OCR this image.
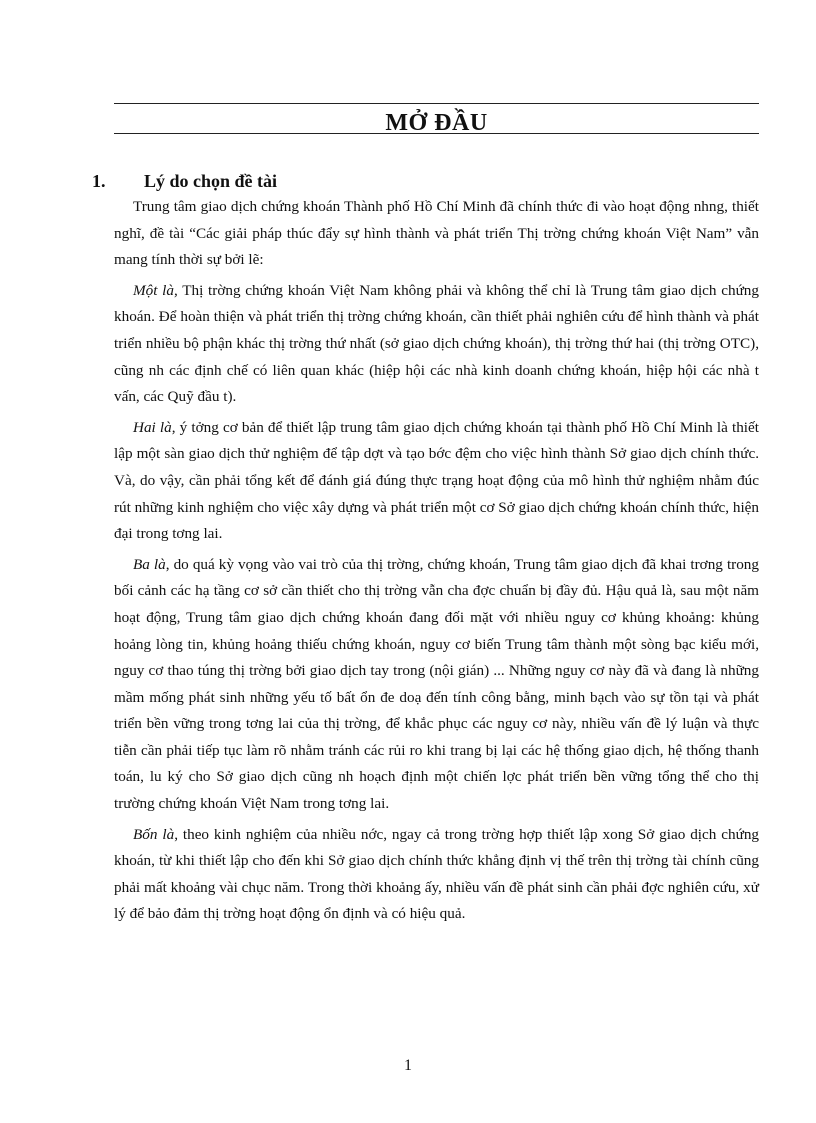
MỞ ĐẦU
1. Lý do chọn đề tài

Trung tâm giao dịch chứng khoán Thành phố Hồ Chí Minh đã chính thức đi vào hoạt động nhng, thiết nghĩ, đề tài “Các giải pháp thúc đẩy sự hình thành và phát triển Thị trờng chứng khoán Việt Nam” vẫn mang tính thời sự bởi lẽ:

Một là, Thị trờng chứng khoán Việt Nam không phải và không thể chỉ là Trung tâm giao dịch chứng khoán. Để hoàn thiện và phát triển thị trờng chứng khoán, cần thiết phải nghiên cứu để hình thành và phát triển nhiều bộ phận khác thị trờng thứ nhất (sở giao dịch chứng khoán), thị trờng thứ hai (thị trờng OTC), cũng nh các định chế có liên quan khác (hiệp hội các nhà kinh doanh chứng khoán, hiệp hội các nhà t vấn, các Quỹ đầu t).

Hai là, ý tởng cơ bản để thiết lập trung tâm giao dịch chứng khoán tại thành phố Hồ Chí Minh là thiết lập một sàn giao dịch thử nghiệm để tập dợt và tạo bớc đệm cho việc hình thành Sở giao dịch chính thức. Và, do vậy, cần phải tổng kết để đánh giá đúng thực trạng hoạt động của mô hình thử nghiệm nhằm đúc rút những kinh nghiệm cho việc xây dựng và phát triển một cơ Sở giao dịch chứng khoán chính thức, hiện đại trong tơng lai.

Ba là, do quá kỳ vọng vào vai trò của thị trờng, chứng khoán, Trung tâm giao dịch đã khai trơng trong bối cảnh các hạ tầng cơ sở cần thiết cho thị trờng vẫn cha đợc chuẩn bị đầy đủ. Hậu quả là, sau một năm hoạt động, Trung tâm giao dịch chứng khoán đang đối mặt với nhiều nguy cơ khủng khoảng: khủng hoảng lòng tin, khủng hoảng thiếu chứng khoán, nguy cơ biến Trung tâm thành một sòng bạc kiểu mới, nguy cơ thao túng thị trờng bởi giao dịch tay trong (nội gián) ... Những nguy cơ này đã và đang là những mầm mống phát sinh những yếu tố bất ổn đe doạ đến tính công bằng, minh bạch vào sự tồn tại và phát triển bền vững trong tơng lai của thị trờng, để khắc phục các nguy cơ này, nhiều vấn đề lý luận và thực tiễn cần phải tiếp tục làm rõ nhằm tránh các rủi ro khi trang bị lại các hệ thống giao dịch, hệ thống thanh toán, lu ký cho Sở giao dịch cũng nh hoạch định một chiến lợc phát triển bền vững tổng thể cho thị trường chứng khoán Việt Nam trong tơng lai.

Bốn là, theo kinh nghiệm của nhiều nớc, ngay cả trong trờng hợp thiết lập xong Sở giao dịch chứng khoán, từ khi thiết lập cho đến khi Sở giao dịch chính thức khẳng định vị thế trên thị trờng tài chính cũng phải mất khoảng vài chục năm. Trong thời khoảng ấy, nhiều vấn đề phát sinh cần phải đợc nghiên cứu, xử lý để bảo đảm thị trờng hoạt động ổn định và có hiệu quả.

1
